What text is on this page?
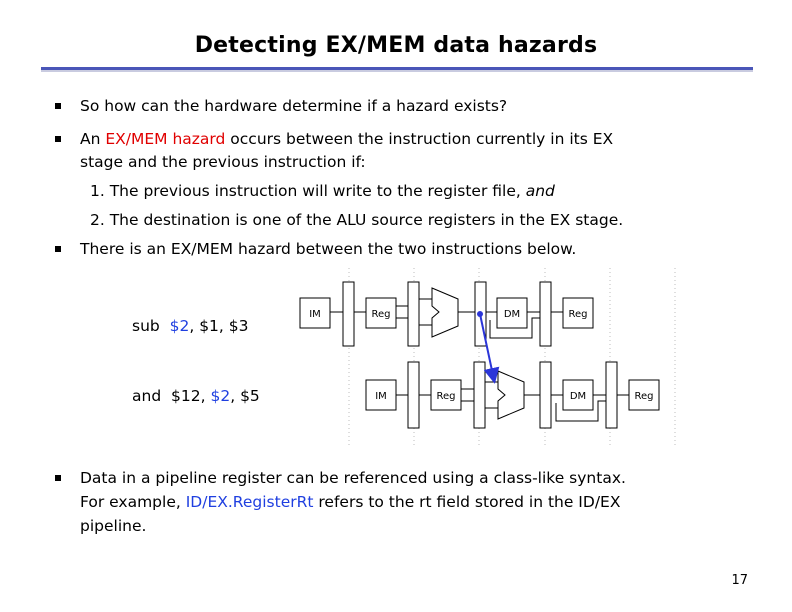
Detecting EX/MEM data hazards
So how can the hardware determine if a hazard exists?
An EX/MEM hazard occurs between the instruction currently in its EX
stage and the previous instruction if:
1. The previous instruction will write to the register file, and
2. The destination is one of the ALU source registers in the EX stage.
There is an EX/MEM hazard between the two instructions below.
sub $2, $1, $3
and $12, $2, $5
IM	Reg	DM	Reg
IM	Reg	DM	Reg
Data in a pipeline register can be referenced using a class-like syntax.
For example, ID/EX.RegisterRt refers to the rt field stored in the ID/EX
pipeline.
17
